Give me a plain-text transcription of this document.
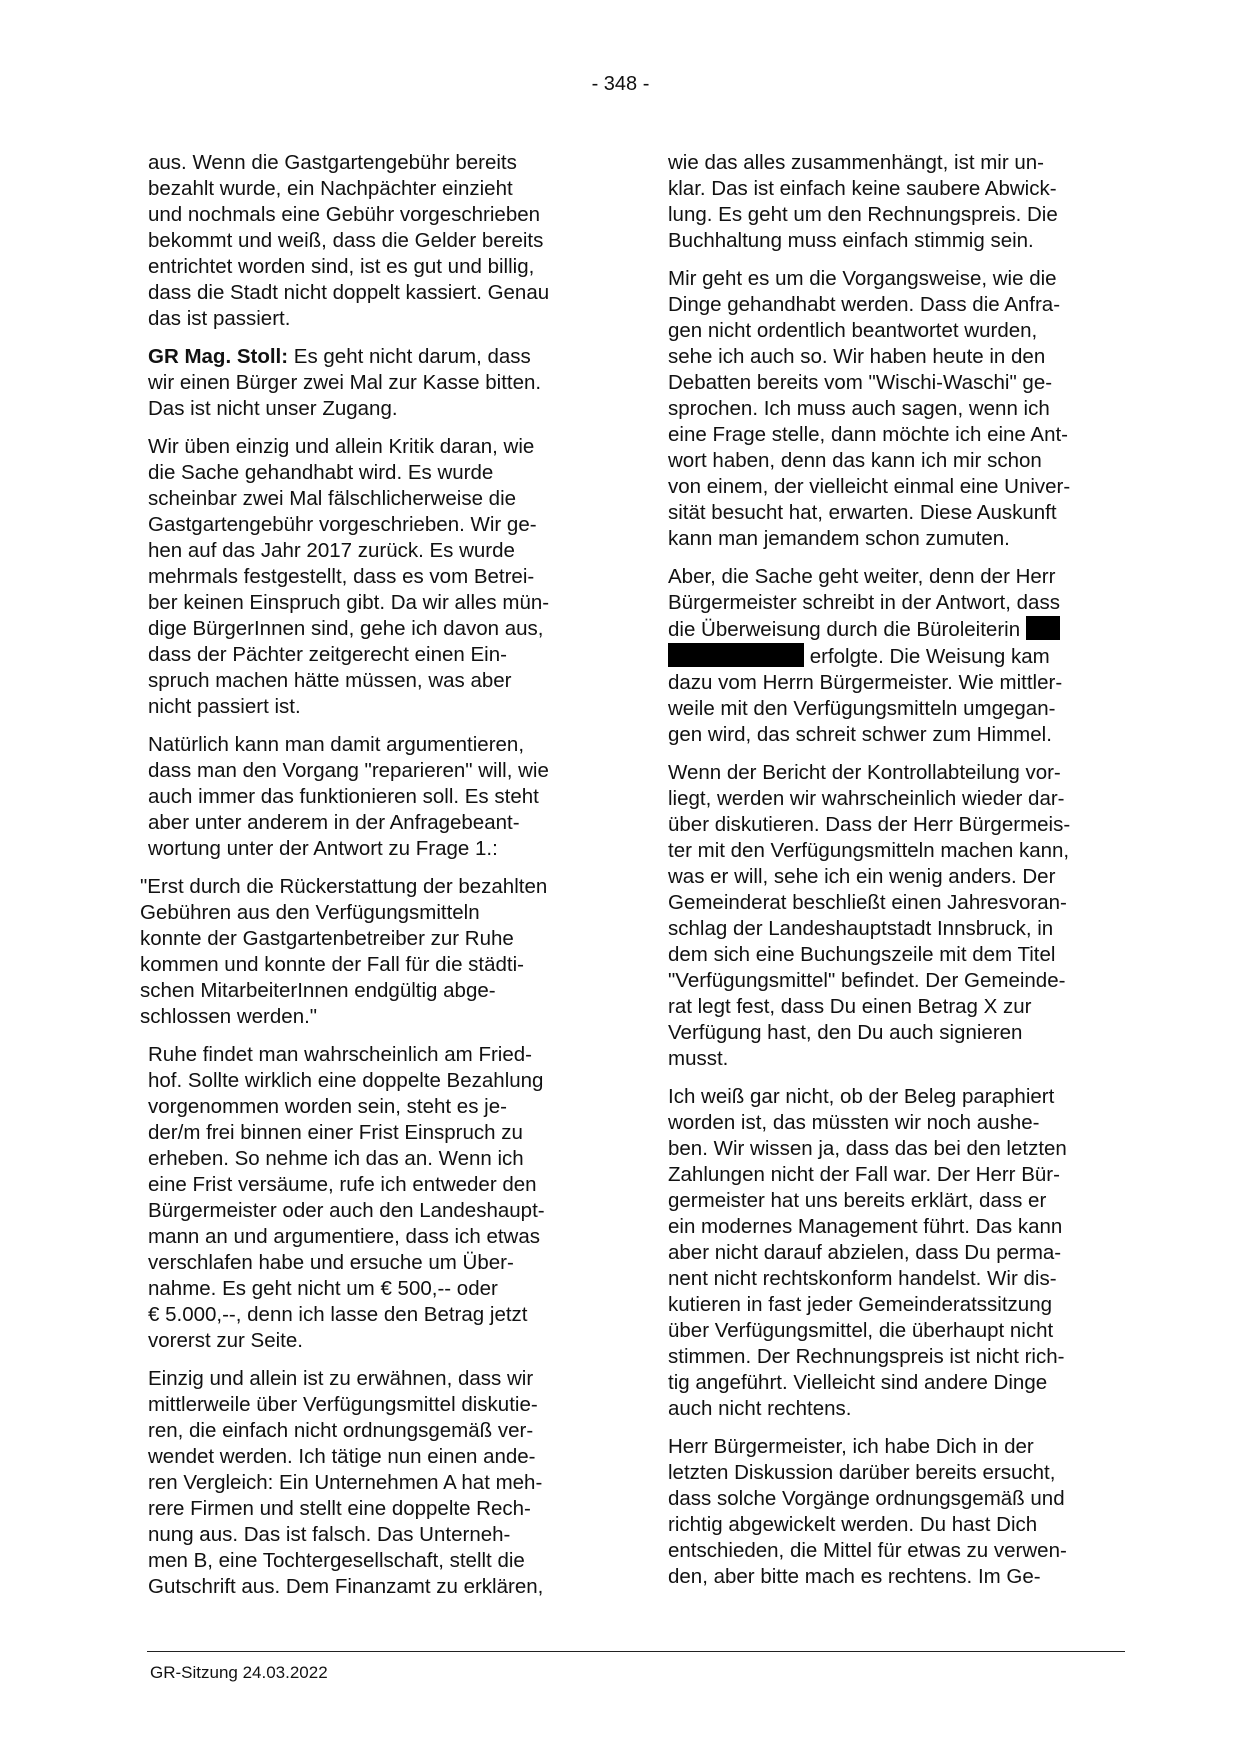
- 348 -

aus. Wenn die Gastgartengebühr bereits
bezahlt wurde, ein Nachpächter einzieht
und nochmals eine Gebühr vorgeschrieben
bekommt und weiß, dass die Gelder bereits
entrichtet worden sind, ist es gut und billig,
dass die Stadt nicht doppelt kassiert. Genau
das ist passiert.

GR Mag. Stoll: Es geht nicht darum, dass
wir einen Bürger zwei Mal zur Kasse bitten.
Das ist nicht unser Zugang.

Wir üben einzig und allein Kritik daran, wie
die Sache gehandhabt wird. Es wurde
scheinbar zwei Mal fälschlicherweise die
Gastgartengebühr vorgeschrieben. Wir ge-
hen auf das Jahr 2017 zurück. Es wurde
mehrmals festgestellt, dass es vom Betrei-
ber keinen Einspruch gibt. Da wir alles mün-
dige BürgerInnen sind, gehe ich davon aus,
dass der Pächter zeitgerecht einen Ein-
spruch machen hätte müssen, was aber
nicht passiert ist.

Natürlich kann man damit argumentieren,
dass man den Vorgang "reparieren" will, wie
auch immer das funktionieren soll. Es steht
aber unter anderem in der Anfragebeant-
wortung unter der Antwort zu Frage 1.:

"Erst durch die Rückerstattung der bezahlten
Gebühren aus den Verfügungsmitteln
konnte der Gastgartenbetreiber zur Ruhe
kommen und konnte der Fall für die städti-
schen MitarbeiterInnen endgültig abge-
schlossen werden."

Ruhe findet man wahrscheinlich am Fried-
hof. Sollte wirklich eine doppelte Bezahlung
vorgenommen worden sein, steht es je-
der/m frei binnen einer Frist Einspruch zu
erheben. So nehme ich das an. Wenn ich
eine Frist versäume, rufe ich entweder den
Bürgermeister oder auch den Landeshaupt-
mann an und argumentiere, dass ich etwas
verschlafen habe und ersuche um Über-
nahme. Es geht nicht um € 500,-- oder
€ 5.000,--, denn ich lasse den Betrag jetzt
vorerst zur Seite.

Einzig und allein ist zu erwähnen, dass wir
mittlerweile über Verfügungsmittel diskutie-
ren, die einfach nicht ordnungsgemäß ver-
wendet werden. Ich tätige nun einen ande-
ren Vergleich: Ein Unternehmen A hat meh-
rere Firmen und stellt eine doppelte Rech-
nung aus. Das ist falsch. Das Unterneh-
men B, eine Tochtergesellschaft, stellt die
Gutschrift aus. Dem Finanzamt zu erklären,

wie das alles zusammenhängt, ist mir un-
klar. Das ist einfach keine saubere Abwick-
lung. Es geht um den Rechnungspreis. Die
Buchhaltung muss einfach stimmig sein.

Mir geht es um die Vorgangsweise, wie die
Dinge gehandhabt werden. Dass die Anfra-
gen nicht ordentlich beantwortet wurden,
sehe ich auch so. Wir haben heute in den
Debatten bereits vom "Wischi-Waschi" ge-
sprochen. Ich muss auch sagen, wenn ich
eine Frage stelle, dann möchte ich eine Ant-
wort haben, denn das kann ich mir schon
von einem, der vielleicht einmal eine Univer-
sität besucht hat, erwarten. Diese Auskunft
kann man jemandem schon zumuten.

Aber, die Sache geht weiter, denn der Herr
Bürgermeister schreibt in der Antwort, dass
die Überweisung durch die Büroleiterin
erfolgte. Die Weisung kam
dazu vom Herrn Bürgermeister. Wie mittler-
weile mit den Verfügungsmitteln umgegan-
gen wird, das schreit schwer zum Himmel.

Wenn der Bericht der Kontrollabteilung vor-
liegt, werden wir wahrscheinlich wieder dar-
über diskutieren. Dass der Herr Bürgermeis-
ter mit den Verfügungsmitteln machen kann,
was er will, sehe ich ein wenig anders. Der
Gemeinderat beschließt einen Jahresvoran-
schlag der Landeshauptstadt Innsbruck, in
dem sich eine Buchungszeile mit dem Titel
"Verfügungsmittel" befindet. Der Gemeinde-
rat legt fest, dass Du einen Betrag X zur
Verfügung hast, den Du auch signieren
musst.

Ich weiß gar nicht, ob der Beleg paraphiert
worden ist, das müssten wir noch aushe-
ben. Wir wissen ja, dass das bei den letzten
Zahlungen nicht der Fall war. Der Herr Bür-
germeister hat uns bereits erklärt, dass er
ein modernes Management führt. Das kann
aber nicht darauf abzielen, dass Du perma-
nent nicht rechtskonform handelst. Wir dis-
kutieren in fast jeder Gemeinderatssitzung
über Verfügungsmittel, die überhaupt nicht
stimmen. Der Rechnungspreis ist nicht rich-
tig angeführt. Vielleicht sind andere Dinge
auch nicht rechtens.

Herr Bürgermeister, ich habe Dich in der
letzten Diskussion darüber bereits ersucht,
dass solche Vorgänge ordnungsgemäß und
richtig abgewickelt werden. Du hast Dich
entschieden, die Mittel für etwas zu verwen-
den, aber bitte mach es rechtens. Im Ge-

GR-Sitzung 24.03.2022
